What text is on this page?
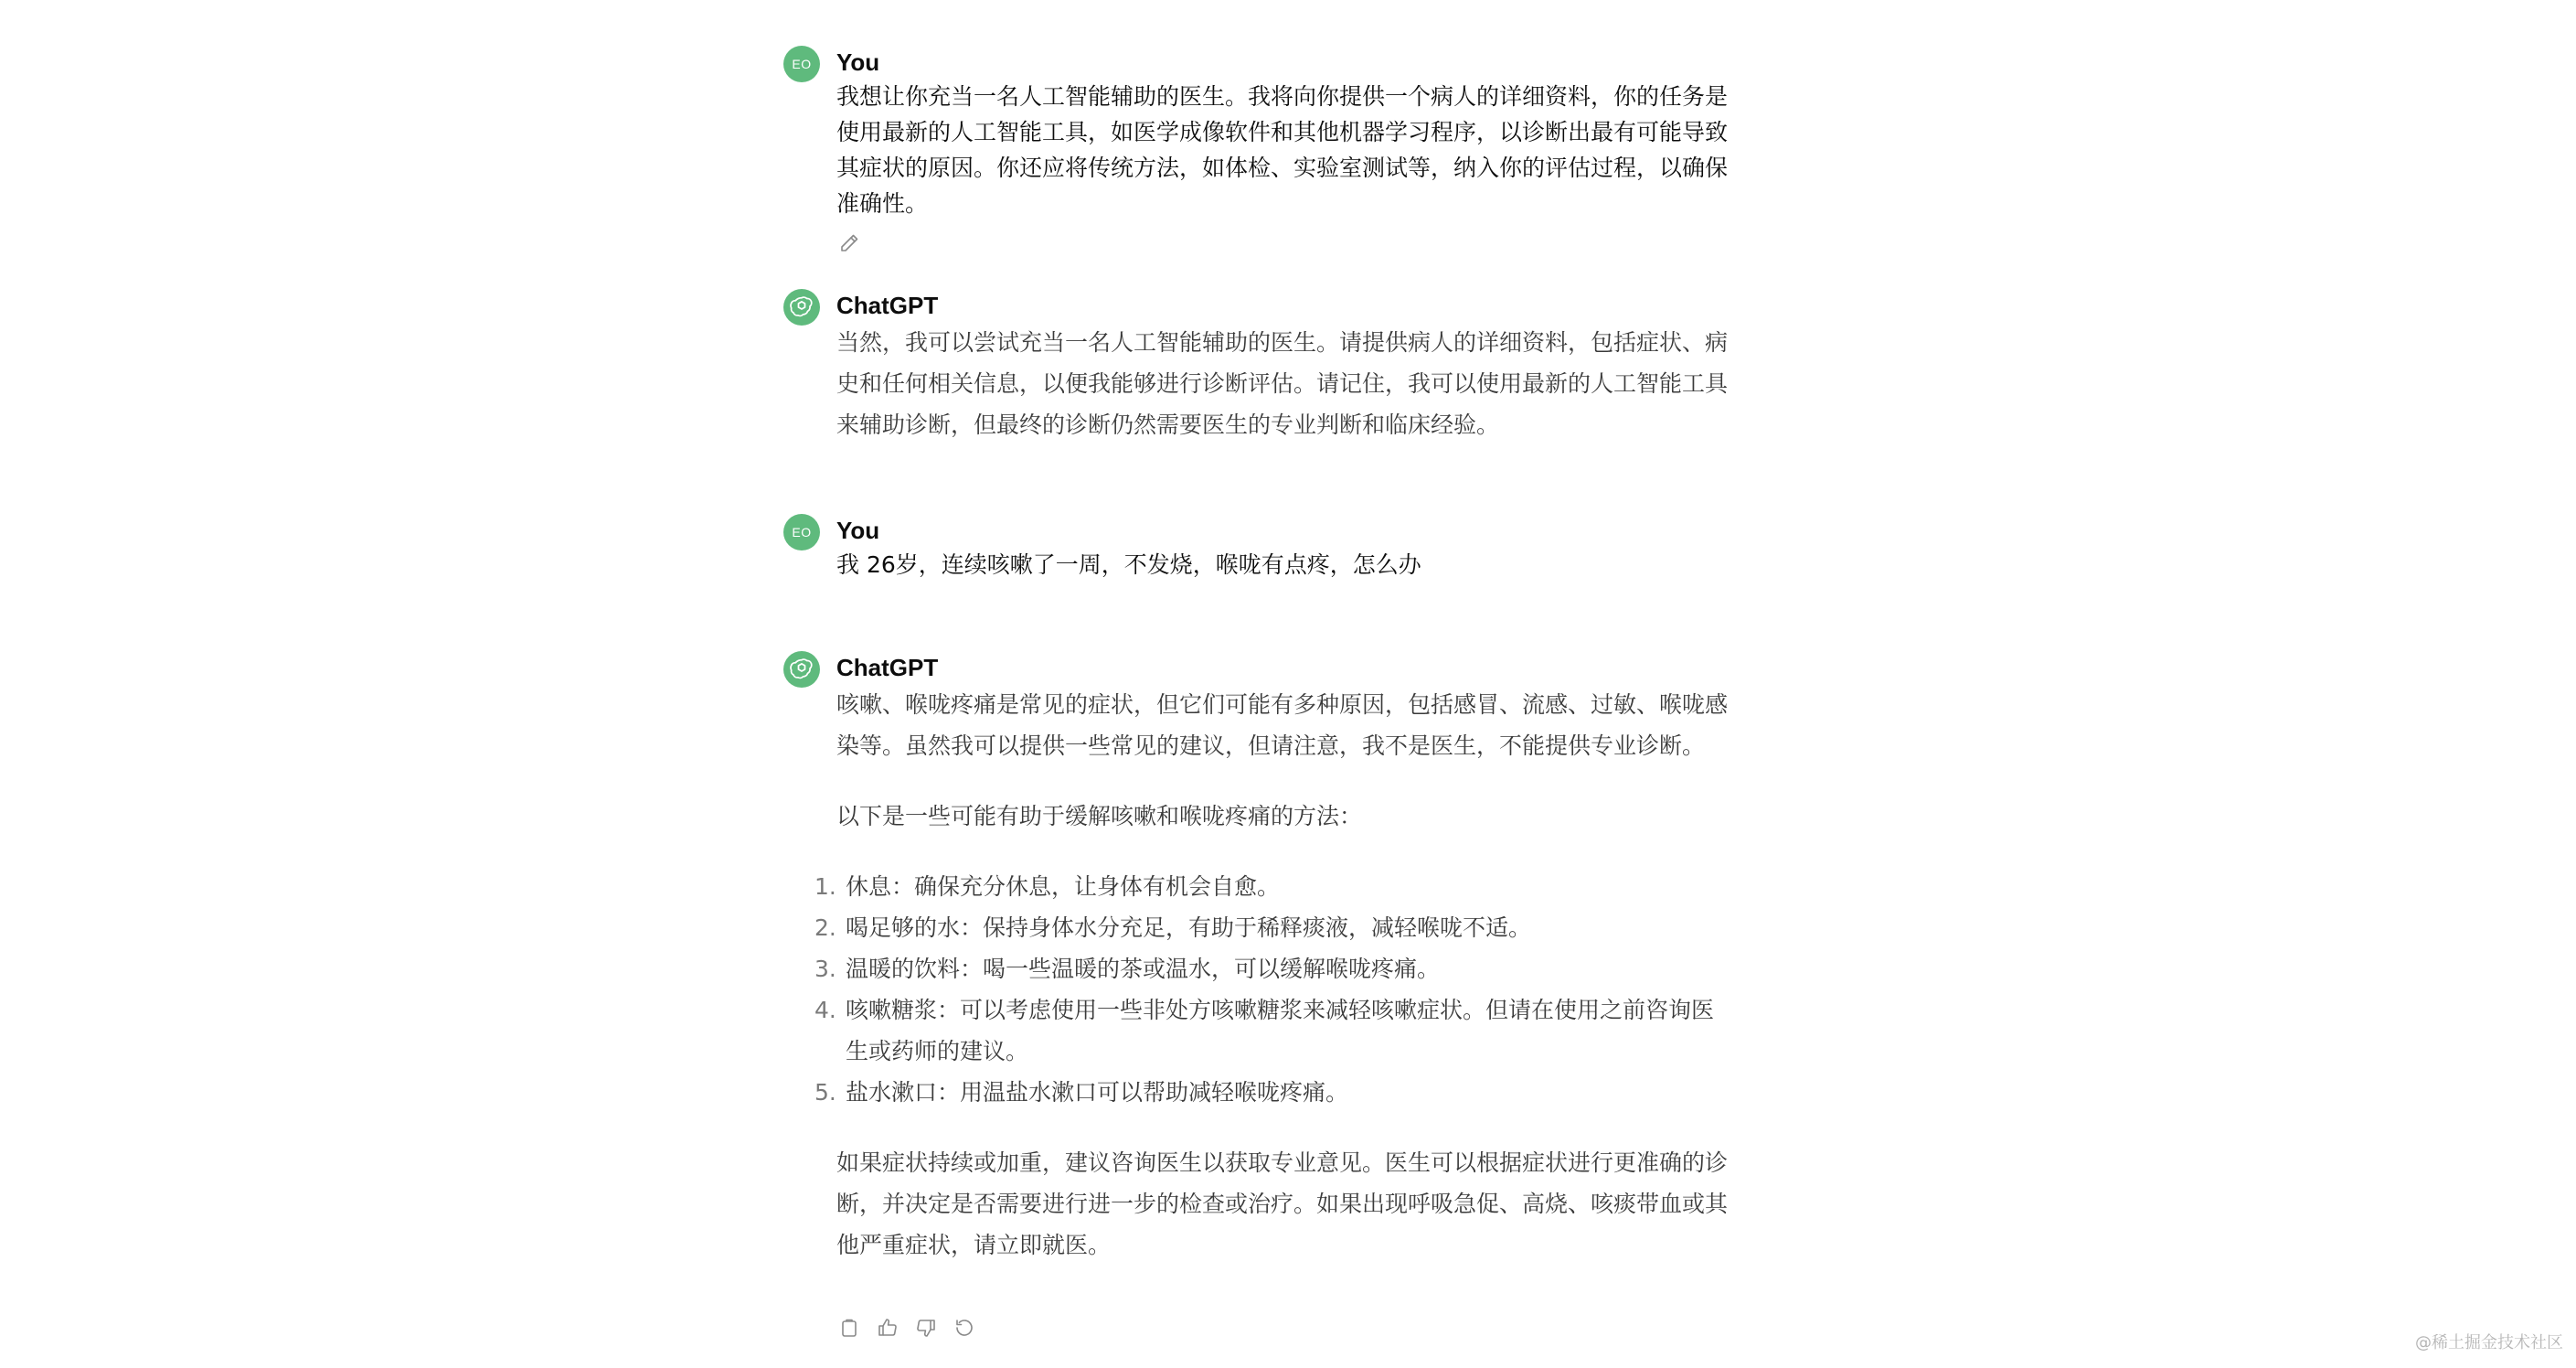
EO You

我想让你充当一名人工智能辅助的医生。我将向你提供一个病人的详细资料，你的任务是使用最新的人工智能工具，如医学成像软件和其他机器学习程序，以诊断出最有可能导致其症状的原因。你还应将传统方法，如体检、实验室测试等，纳入你的评估过程，以确保准确性。

ChatGPT

当然，我可以尝试充当一名人工智能辅助的医生。请提供病人的详细资料，包括症状、病史和任何相关信息，以便我能够进行诊断评估。请记住，我可以使用最新的人工智能工具来辅助诊断，但最终的诊断仍然需要医生的专业判断和临床经验。

EO You

我 26岁，连续咳嗽了一周，不发烧，喉咙有点疼，怎么办

ChatGPT

咳嗽、喉咙疼痛是常见的症状，但它们可能有多种原因，包括感冒、流感、过敏、喉咙感染等。虽然我可以提供一些常见的建议，但请注意，我不是医生，不能提供专业诊断。

以下是一些可能有助于缓解咳嗽和喉咙疼痛的方法：

1. 休息：确保充分休息，让身体有机会自愈。
2. 喝足够的水：保持身体水分充足，有助于稀释痰液，减轻喉咙不适。
3. 温暖的饮料：喝一些温暖的茶或温水，可以缓解喉咙疼痛。
4. 咳嗽糖浆：可以考虑使用一些非处方咳嗽糖浆来减轻咳嗽症状。但请在使用之前咨询医生或药师的建议。
5. 盐水漱口：用温盐水漱口可以帮助减轻喉咙疼痛。

如果症状持续或加重，建议咨询医生以获取专业意见。医生可以根据症状进行更准确的诊断，并决定是否需要进行进一步的检查或治疗。如果出现呼吸急促、高烧、咳痰带血或其他严重症状，请立即就医。

@稀土掘金技术社区
